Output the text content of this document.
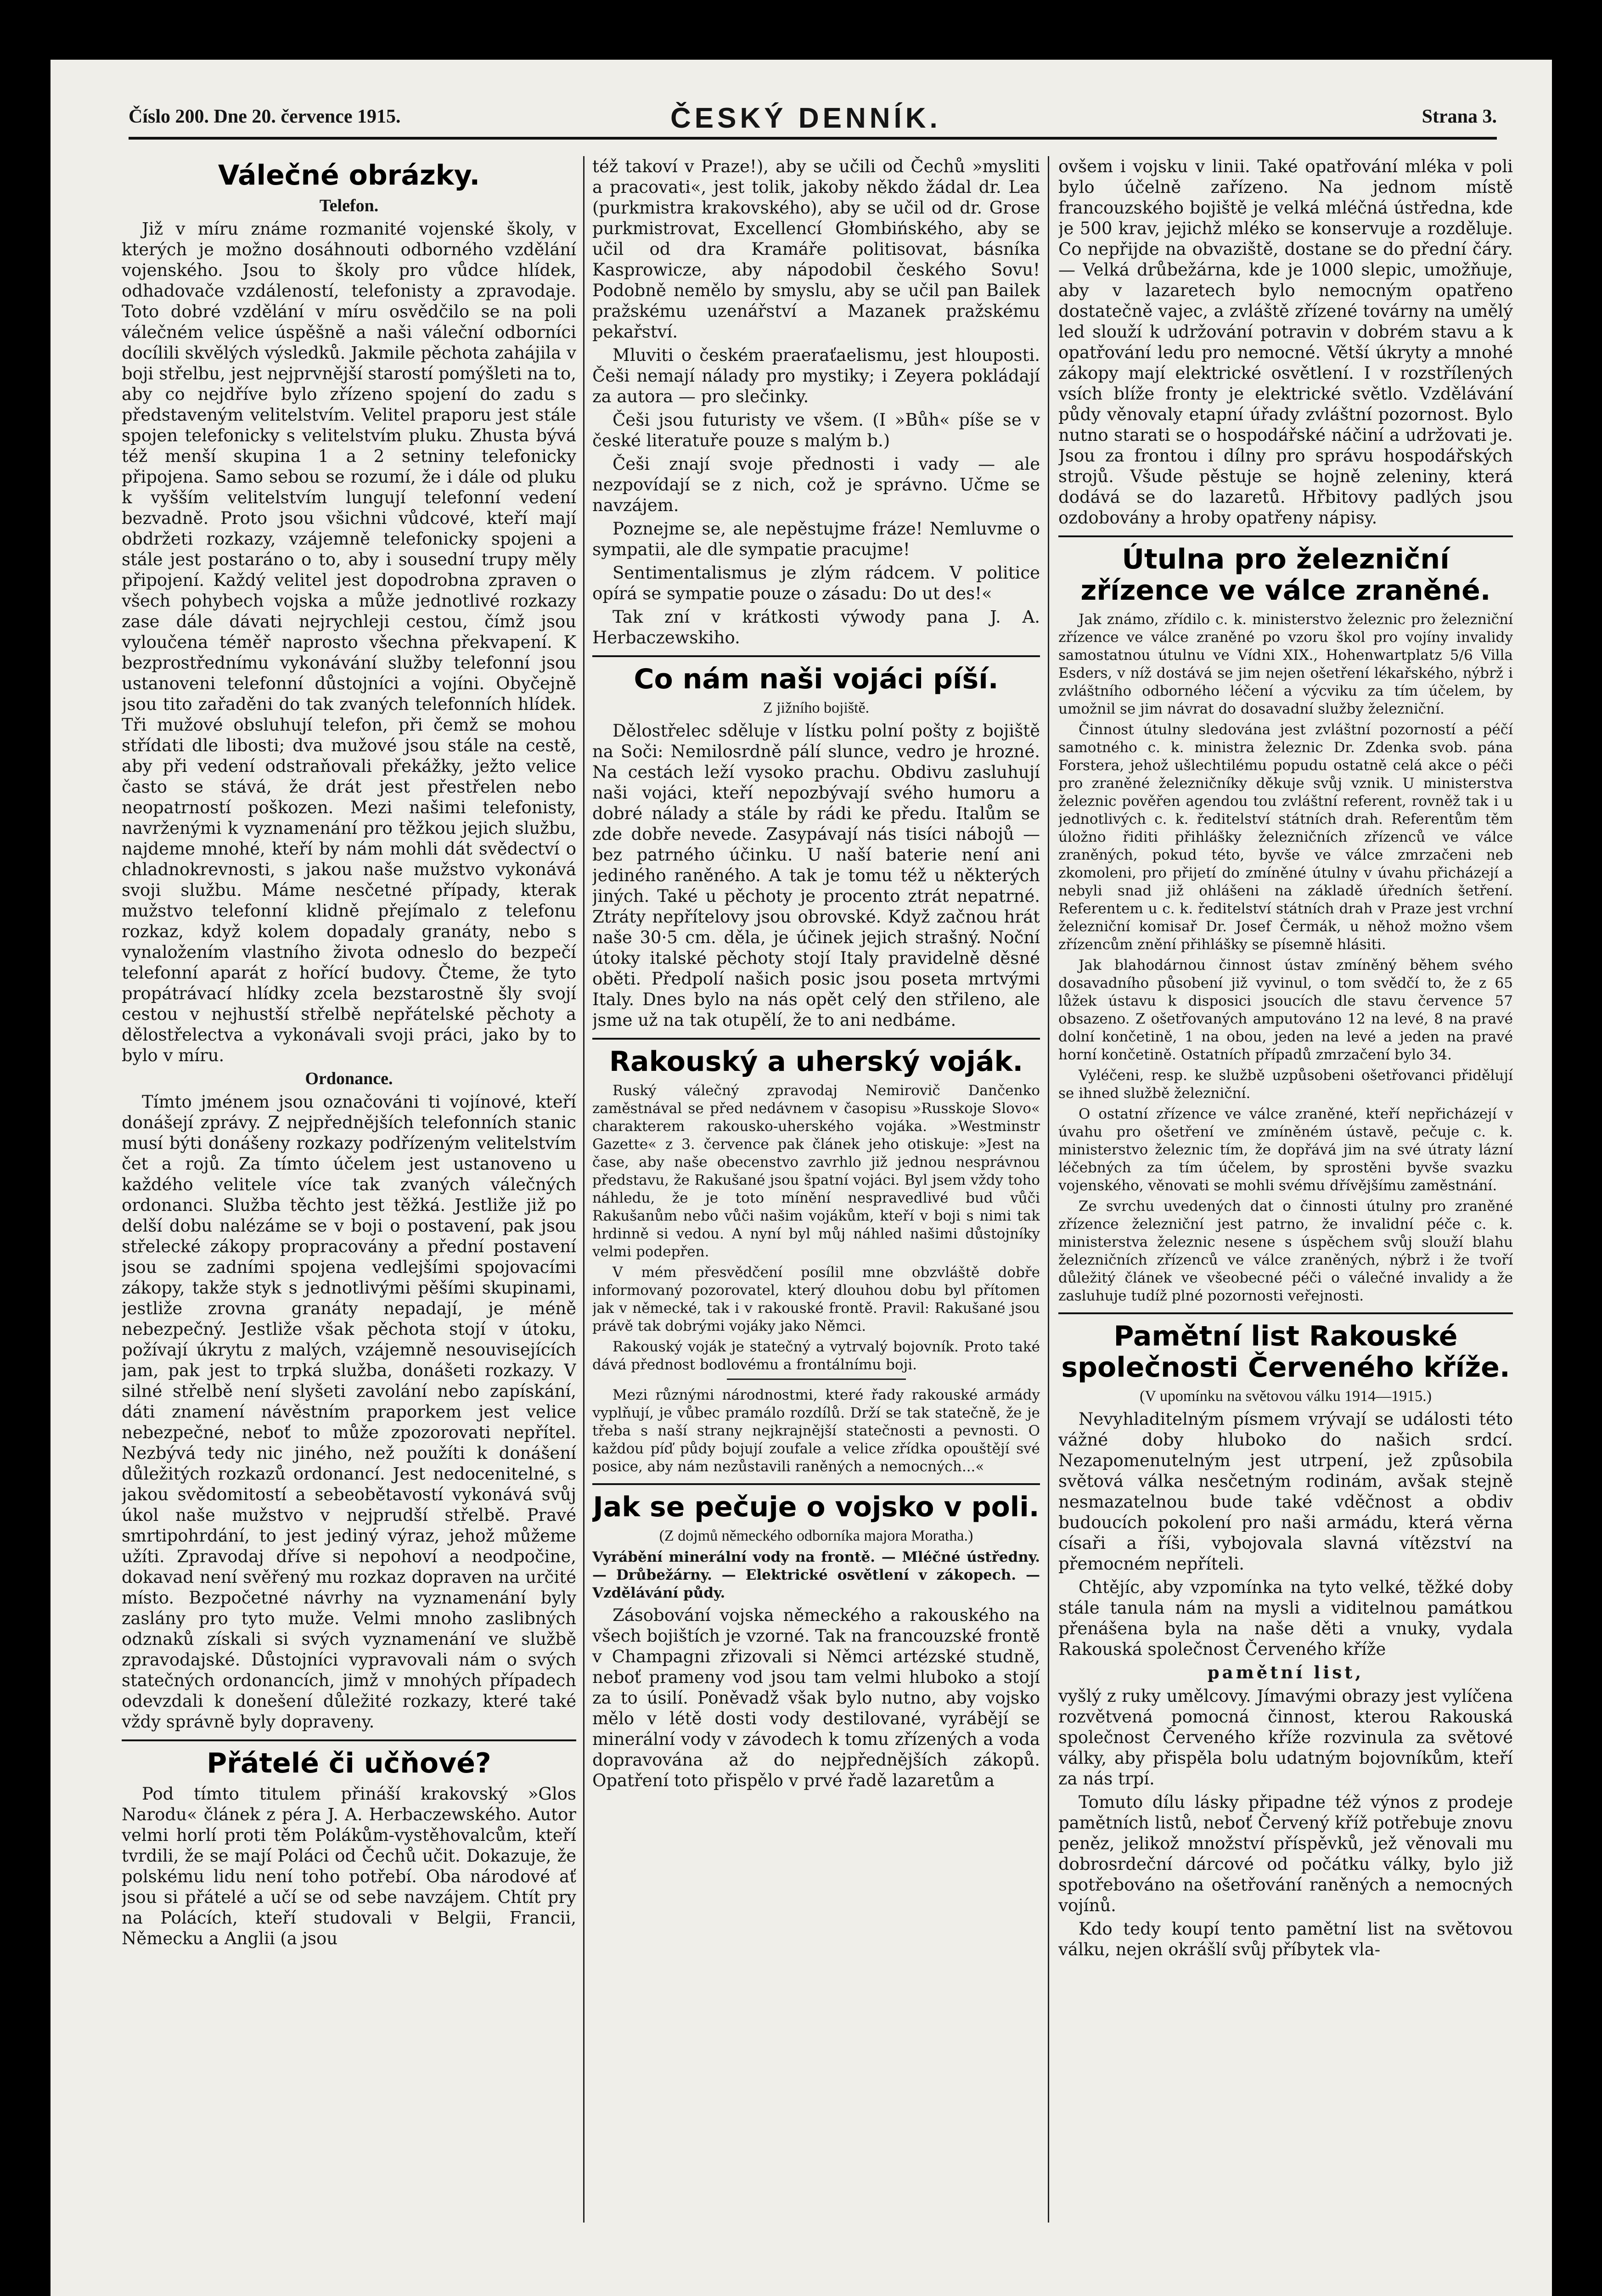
Číslo 200. Dne 20. července 1915.	ČESKÝ DENNÍK.	Strana 3.
Válečné obrázky.
Telefon.

Již v míru známe rozmanité vojenské školy, v kterých je možno dosáhnouti odborného vzdělání vojenského. Jsou to školy pro vůdce hlídek, odhadovače vzdáleností, telefonisty a zpravodaje. Toto dobré vzdělání v míru osvědčilo se na poli válečném velice úspěšně a naši váleční odborníci docílili skvělých výsledků. Jakmile pěchota zahájila v boji střelbu, jest nejprvnější starostí pomýšleti na to, aby co nejdříve bylo zřízeno spojení do zadu s představeným velitelstvím. Velitel praporu jest stále spojen telefonicky s velitelstvím pluku. Zhusta bývá též menší skupina 1 a 2 setniny telefonicky připojena. Samo sebou se rozumí, že i dále od pluku k vyšším velitelstvím lungují telefonní vedení bezvadně. Proto jsou všichni vůdcové, kteří mají obdržeti rozkazy, vzájemně telefonicky spojeni a stále jest postaráno o to, aby i sousední trupy měly připojení. Každý velitel jest dopodrobna zpraven o všech pohybech vojska a může jednotlivé rozkazy zase dále dávati nejrychleji cestou, čímž jsou vyloučena téměř naprosto všechna překvapení. K bezprostřednímu vykonávání služby telefonní jsou ustanoveni telefonní důstojníci a vojíni. Obyčejně jsou tito zařaděni do tak zvaných telefonních hlídek. Tři mužové obsluhují telefon, při čemž se mohou střídati dle libosti; dva mužové jsou stále na cestě, aby při vedení odstraňovali překážky, ježto velice často se stává, že drát jest přestřelen nebo neopatrností poškozen. Mezi našimi telefonisty, navrženými k vyznamenání pro těžkou jejich službu, najdeme mnohé, kteří by nám mohli dát svědectví o chladnokrevnosti, s jakou naše mužstvo vykonává svoji službu. Máme nesčetné případy, kterak mužstvo telefonní klidně přejímalo z telefonu rozkaz, když kolem dopadaly granáty, nebo s vynaložením vlastního života odneslo do bezpečí telefonní aparát z hořící budovy. Čteme, že tyto propátrávací hlídky zcela bezstarostně šly svojí cestou v nejhustší střelbě nepřátelské pěchoty a dělostřelectva a vykonávali svoji práci, jako by to bylo v míru.

Ordonance.

Tímto jménem jsou označováni ti vojínové, kteří donášejí zprávy. Z nejpřednějších telefonních stanic musí býti donášeny rozkazy podřízeným velitelstvím čet a rojů. Za tímto účelem jest ustanoveno u každého velitele více tak zvaných válečných ordonanci. Služba těchto jest těžká. Jestliže již po delší dobu nalézáme se v boji o postavení, pak jsou střelecké zákopy propracovány a přední postavení jsou se zadními spojena vedlejšími spojovacími zákopy, takže styk s jednotlivými pěšími skupinami, jestliže zrovna granáty nepadají, je méně nebezpečný. Jestliže však pěchota stojí v útoku, požívají úkrytu z malých, vzájemně nesouvisejících jam, pak jest to trpká služba, donášeti rozkazy. V silné střelbě není slyšeti zavolání nebo zapískání, dáti znamení návěstním praporkem jest velice nebezpečné, neboť to může zpozorovati nepřítel. Nezbývá tedy nic jiného, než použíti k donášení důležitých rozkazů ordonancí. Jest nedocenitelné, s jakou svědomitostí a sebeobětavostí vykonává svůj úkol naše mužstvo v nejprudší střelbě. Pravé smrtipohrdání, to jest jediný výraz, jehož můžeme užíti. Zpravodaj dříve si nepohoví a neodpočine, dokavad není svěřený mu rozkaz dopraven na určité místo. Bezpočetné návrhy na vyznamenání byly zaslány pro tyto muže. Velmi mnoho zaslibných odznaků získali si svých vyznamenání ve službě zpravodajské. Důstojníci vypravovali nám o svých statečných ordonancích, jimž v mnohých případech odevzdali k donešení důležité rozkazy, které také vždy správně byly dopraveny.

Přátelé či učňové?

Pod tímto titulem přináší krakovský »Glos Narodu« článek z péra J. A. Herbaczewského. Autor velmi horlí proti těm Polákům-vystěhovalcům, kteří tvrdili, že se mají Poláci od Čechů učit. Dokazuje, že polskému lidu není toho potřebí. Oba národové ať jsou si přátelé a učí se od sebe navzájem. Chtít pry na Polácích, kteří studovali v Belgii, Francii, Německu a Anglii (a jsou

též takoví v Praze!), aby se učili od Čechů »mysliti a pracovati«, jest tolik, jakoby někdo žádal dr. Lea (purkmistra krakovského), aby se učil od dr. Grose purkmistrovat, Excellencí Głombińského, aby se učil od dra Kramáře politisovat, básníka Kasprowicze, aby nápodobil českého Sovu! Podobně nemělo by smyslu, aby se učil pan Bailek pražskému uzenářství a Mazanek pražskému pekařství.

Mluviti o českém praeraťaelismu, jest hlouposti. Češi nemají nálady pro mystiky; i Zeyera pokládají za autora — pro slečinky.

Češi jsou futuristy ve všem. (I »Bůh« píše se v české literatuře pouze s malým b.)

Češi znají svoje přednosti i vady — ale nezpovídají se z nich, což je správno. Učme se navzájem.

Poznejme se, ale nepěstujme fráze! Nemluvme o sympatii, ale dle sympatie pracujme!

Sentimentalismus je zlým rádcem. V politice opírá se sympatie pouze o zásadu: Do ut des!«

Tak zní v krátkosti výwody pana J. A. Herbaczewskiho.

Co nám naši vojáci píší.
Z jižního bojiště.

Dělostřelec sděluje v lístku polní pošty z bojiště na Soči: Nemilosrdně pálí slunce, vedro je hrozné. Na cestách leží vysoko prachu. Obdivu zasluhují naši vojáci, kteří nepozbývají svého humoru a dobré nálady a stále by rádi ke předu. Italům se zde dobře nevede. Zasypávají nás tisíci nábojů — bez patrného účinku. U naší baterie není ani jediného raněného. A tak je tomu též u některých jiných. Také u pěchoty je procento ztrát nepatrné. Ztráty nepřítelovy jsou obrovské. Když začnou hrát naše 30·5 cm. děla, je účinek jejich strašný. Noční útoky italské pěchoty stojí Italy pravidelně děsné oběti. Předpolí našich posic jsou posetа mrtvými Italy. Dnes bylo na nás opět celý den střileno, ale jsme už na tak otupělí, že to ani nedbáme.

Rakouský a uherský voják.

Ruský válečný zpravodaj Nemirovič Dančenko zaměstnával se před nedávnem v časopisu »Russkoje Slovo« charakterem rakousko-uherského vojáka. »Westminstr Gazette« z 3. července pak článek jeho otiskuje: »Jest na čase, aby naše obecenstvo zavrhlo již jednou nesprávnou představu, že Rakušané jsou špatní vojáci. Byl jsem vždy toho náhledu, že je toto mínění nespravedlivé bud vůči Rakušanům nebo vůči našim vojákům, kteří v boji s nimi tak hrdinně si vedou. A nyní byl můj náhled našimi důstojníky velmi podepřen.

V mém přesvědčení posílil mne obzvláště dobře informovaný pozorovatel, který dlouhou dobu byl přítomen jak v německé, tak i v rakouské frontě. Pravil: Rakušané jsou právě tak dobrými vojáky jako Němci.

Rakouský voják je statečný a vytrvalý bojovník. Proto také dává přednost bodlovému a frontálnímu boji.

Mezi různými národnostmi, které řady rakouské armády vyplňují, je vůbec pramálo rozdílů. Drží se tak statečně, že je třeba s naší strany nejkrajnější statečnosti a pevnosti. O každou píď půdy bojují zoufale a velice zřídka opouštějí své posice, aby nám nezůstavili raněných a nemocných...«

Jak se pečuje o vojsko v poli.
(Z dojmů německého odborníka majora Moratha.)

Vyrábění minerální vody na frontě. — Mléčné ústředny. — Drůbežárny. — Elektrické osvětlení v zákopech. — Vzdělávání půdy.

Zásobování vojska německého a rakouského na všech bojištích je vzorné. Tak na francouzské frontě v Champagni zřizovali si Němci artézské studně, neboť prameny vod jsou tam velmi hluboko a stojí za to úsilí. Poněvadž však bylo nutno, aby vojsko mělo v létě dosti vody destilované, vyrábějí se minerální vody v závodech k tomu zřízených a voda dopravována až do nejpřednějších zákopů. Opatření toto přispělo v prvé řadě lazaretům a

ovšem i vojsku v linii. Také opatřování mléka v poli bylo účelně zařízeno. Na jednom místě francouzského bojiště je velká mléčná ústředna, kde je 500 krav, jejichž mléko se konservuje a rozděluje. Co nepřijde na obvaziště, dostane se do přední čáry. — Velká drůbežárna, kde je 1000 slepic, umožňuje, aby v lazaretech bylo nemocným opatřeno dostatečně vajec, a zvláště zřízené továrny na umělý led slouží k udržování potravin v dobrém stavu a k opatřování ledu pro nemocné. Větší úkryty a mnohé zákopy mají elektrické osvětlení. I v rozstřílených vsích blíže fronty je elektrické světlo. Vzdělávání půdy věnovaly etapní úřady zvláštní pozornost. Bylo nutno starati se o hospodářské náčiní a udržovati je. Jsou za frontou i dílny pro správu hospodářských strojů. Všude pěstuje se hojně zeleniny, která dodává se do lazaretů. Hřbitovy padlých jsou ozdobovány a hroby opatřeny nápisy.

Útulna pro železniční zřízence ve válce zraněné.

Jak známo, zřídilo c. k. ministerstvo železnic pro železniční zřízence ve válce zraněné po vzoru škol pro vojíny invalidy samostatnou útulnu ve Vídni XIX., Hohenwartplatz 5/6 Villa Esders, v níž dostává se jim nejen ošetření lékařského, nýbrž i zvláštního odborného léčení a výcviku za tím účelem, by umožnil se jim návrat do dosavadní služby železniční.

Činnost útulny sledována jest zvláštní pozorností a péčí samotného c. k. ministra železnic Dr. Zdenka svob. pána Forstera, jehož ušlechtilému popudu ostatně celá akce o péči pro zraněné železničníky děkuje svůj vznik. U ministerstva železnic pověřen agendou tou zvláštní referent, rovněž tak i u jednotlivých c. k. ředitelství státních drah. Referentům těm úložno řiditi přihlášky železničních zřízenců ve válce zraněných, pokud této, byvše ve válce zmrzačeni neb zkomoleni, pro přijetí do zmíněné útulny v úvahu přicházejí a nebyli snad již ohlášeni na základě úředních šetření. Referentem u c. k. ředitelství státních drah v Praze jest vrchní železniční komisař Dr. Josef Čermák, u něhož možno všem zřízencům znění přihlášky se písemně hlásiti.

Jak blahodárnou činnost ústav zmíněný během svého dosavadního působení již vyvinul, o tom svědčí to, že z 65 lůžek ústavu k disposici jsoucích dle stavu července 57 obsazeno. Z ošetřovaných amputováno 12 na levé, 8 na pravé dolní končetině, 1 na obou, jeden na levé a jeden na pravé horní končetině. Ostatních případů zmrzačení bylo 34.

Vyléčeni, resp. ke službě uzpůsobeni ošetřovanci přidělují se ihned službě železniční.

O ostatní zřízence ve válce zraněné, kteří nepřicházejí v úvahu pro ošetření ve zmíněném ústavě, pečuje c. k. ministerstvo železnic tím, že dopřává jim na své útraty lázní léčebných za tím účelem, by sprostěni byvše svazku vojenského, věnovati se mohli svému dřívějšímu zaměstnání.

Ze svrchu uvedených dat o činnosti útulny pro zraněné zřízence železniční jest patrno, že invalidní péče c. k. ministerstva železnic nesene s úspěchem svůj slouží blahu železničních zřízenců ve válce zraněných, nýbrž i že tvoří důležitý článek ve všeobecné péči o válečné invalidy a že zasluhuje tudíž plné pozornosti veřejnosti.

Pamětní list Rakouské společnosti Červeného kříže.
(V upomínku na světovou válku 1914—1915.)

Nevyhladitelným písmem vrývají se události této vážné doby hluboko do našich srdcí. Nezapomenutelným jest utrpení, jež způsobila světová válka nesčetným rodinám, avšak stejně nesmazatelnou bude také vděčnost a obdiv budoucích pokolení pro naši armádu, která věrna císaři a říši, vybojovala slavná vítězství na přemocném nepříteli.

Chtějíc, aby vzpomínka na tyto velké, těžké doby stále tanula nám na mysli a viditelnou památkou přenášena byla na naše děti a vnuky, vydala Rakouská společnost Červeného kříže

pamětní list,

vyšlý z ruky umělcovy. Jímavými obrazy jest vylíčena rozvětvená pomocná činnost, kterou Rakouská společnost Červeného kříže rozvinula za světové války, aby přispěla bolu udatným bojovníkům, kteří za nás trpí.

Tomuto dílu lásky připadne též výnos z prodeje pamětních listů, neboť Červený kříž potřebuje znovu peněz, jelikož množství příspěvků, jež věnovali mu dobrosrdeční dárcové od počátku války, bylo již spotřebováno na ošetřování raněných a nemocných vojínů.

Kdo tedy koupí tento pamětní list na světovou válku, nejen okrášlí svůj příbytek vla-
